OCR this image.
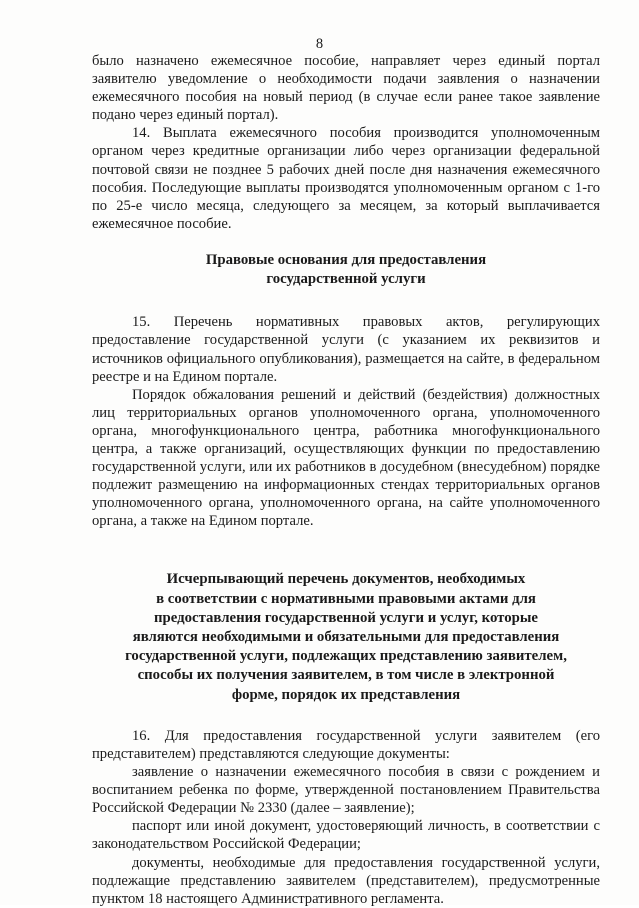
8

было назначено ежемесячное пособие, направляет через единый портал заявителю уведомление о необходимости подачи заявления о назначении ежемесячного пособия на новый период (в случае если ранее такое заявление подано через единый портал).

14. Выплата ежемесячного пособия производится уполномоченным органом через кредитные организации либо через организации федеральной почтовой связи не позднее 5 рабочих дней после дня назначения ежемесячного пособия. Последующие выплаты производятся уполномоченным органом с 1-го по 25-е число месяца, следующего за месяцем, за который выплачивается ежемесячное пособие.

Правовые основания для предоставления
государственной услуги

15. Перечень нормативных правовых актов, регулирующих предоставление государственной услуги (с указанием их реквизитов и источников официального опубликования), размещается на сайте, в федеральном реестре и на Едином портале.

Порядок обжалования решений и действий (бездействия) должностных лиц территориальных органов уполномоченного органа, уполномоченного органа, многофункционального центра, работника многофункционального центра, а также организаций, осуществляющих функции по предоставлению государственной услуги, или их работников в досудебном (внесудебном) порядке подлежит размещению на информационных стендах территориальных органов уполномоченного органа, уполномоченного органа, на сайте уполномоченного органа, а также на Едином портале.

Исчерпывающий перечень документов, необходимых
в соответствии с нормативными правовыми актами для
предоставления государственной услуги и услуг, которые
являются необходимыми и обязательными для предоставления
государственной услуги, подлежащих представлению заявителем,
способы их получения заявителем, в том числе в электронной
форме, порядок их представления

16. Для предоставления государственной услуги заявителем (его представителем) представляются следующие документы:

заявление о назначении ежемесячного пособия в связи с рождением и воспитанием ребенка по форме, утвержденной постановлением Правительства Российской Федерации № 2330 (далее – заявление);

паспорт или иной документ, удостоверяющий личность, в соответствии с законодательством Российской Федерации;

документы, необходимые для предоставления государственной услуги, подлежащие представлению заявителем (представителем), предусмотренные пунктом 18 настоящего Административного регламента.
